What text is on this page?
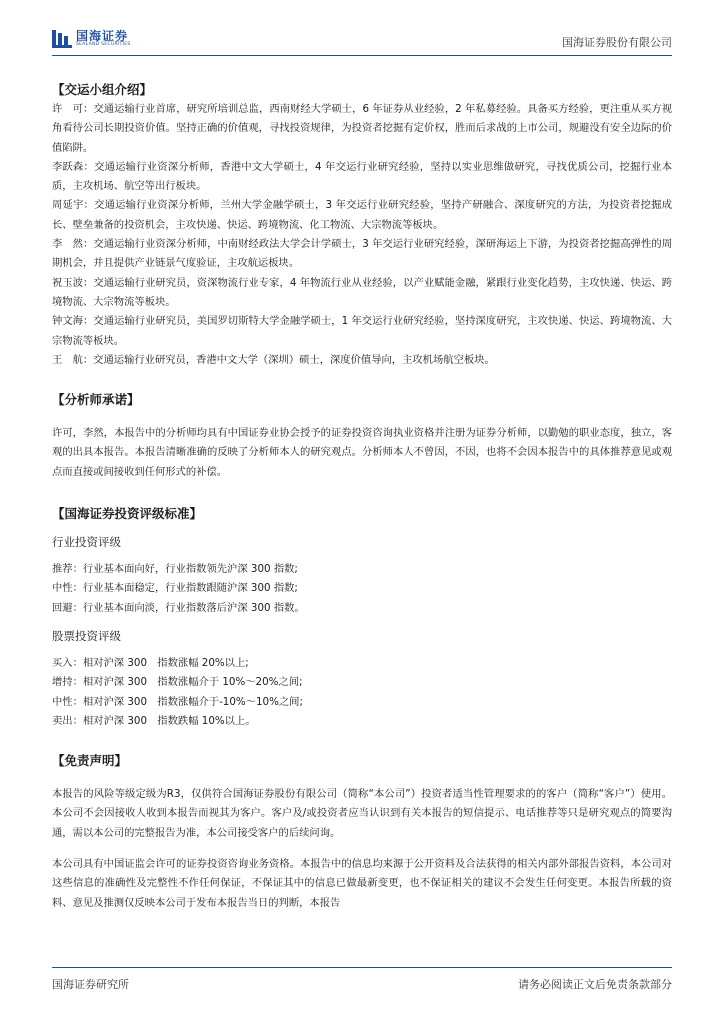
国海证券
SEALAND SECURITIES	国海证券股份有限公司

【交运小组介绍】

许　可：交通运输行业首席，研究所培训总监，西南财经大学硕士，6 年证券从业经验，2 年私募经验。具备买方经验，更注重从买方视角看待公司长期投资价值。坚持正确的价值观，寻找投资规律，为投资者挖掘有定价权，胜而后求战的上市公司，规避没有安全边际的价值陷阱。

李跃森：交通运输行业资深分析师，香港中文大学硕士，4 年交运行业研究经验，坚持以实业思维做研究，寻找优质公司，挖掘行业本质，主攻机场、航空等出行板块。

周延宇：交通运输行业资深分析师，兰州大学金融学硕士，3 年交运行业研究经验，坚持产研融合、深度研究的方法，为投资者挖掘成长、壁垒兼备的投资机会，主攻快递、快运、跨境物流、化工物流、大宗物流等板块。

李　然：交通运输行业资深分析师，中南财经政法大学会计学硕士，3 年交运行业研究经验，深研海运上下游，为投资者挖掘高弹性的周期机会，并且提供产业链景气度验证，主攻航运板块。

祝玉波：交通运输行业研究员，资深物流行业专家，4 年物流行业从业经验，以产业赋能金融，紧跟行业变化趋势，主攻快递、快运、跨境物流、大宗物流等板块。

钟文海：交通运输行业研究员，美国罗切斯特大学金融学硕士，1 年交运行业研究经验，坚持深度研究，主攻快递、快运、跨境物流、大宗物流等板块。

王　航：交通运输行业研究员，香港中文大学（深圳）硕士，深度价值导向，主攻机场航空板块。

【分析师承诺】

许可，李然，本报告中的分析师均具有中国证券业协会授予的证券投资咨询执业资格并注册为证券分析师，以勤勉的职业态度，独立，客观的出具本报告。本报告清晰准确的反映了分析师本人的研究观点。分析师本人不曾因，不因，也将不会因本报告中的具体推荐意见或观点而直接或间接收到任何形式的补偿。

【国海证券投资评级标准】

行业投资评级

推荐：行业基本面向好，行业指数领先沪深 300 指数;

中性：行业基本面稳定，行业指数跟随沪深 300 指数;

回避：行业基本面向淡，行业指数落后沪深 300 指数。

股票投资评级

买入：相对沪深 300　指数涨幅 20%以上;

增持：相对沪深 300　指数涨幅介于 10%～20%之间;

中性：相对沪深 300　指数涨幅介于-10%～10%之间;

卖出：相对沪深 300　指数跌幅 10%以上。

【免责声明】

本报告的风险等级定级为R3，仅供符合国海证券股份有限公司（简称“本公司”）投资者适当性管理要求的的客户（简称“客户”）使用。本公司不会因接收人收到本报告而视其为客户。客户及/或投资者应当认识到有关本报告的短信提示、电话推荐等只是研究观点的简要沟通，需以本公司的完整报告为准，本公司接受客户的后续问询。

本公司具有中国证监会许可的证券投资咨询业务资格。本报告中的信息均来源于公开资料及合法获得的相关内部外部报告资料，本公司对这些信息的准确性及完整性不作任何保证，不保证其中的信息已做最新变更，也不保证相关的建议不会发生任何变更。本报告所载的资料、意见及推测仅反映本公司于发布本报告当日的判断，本报告

国海证券研究所	请务必阅读正文后免责条款部分
